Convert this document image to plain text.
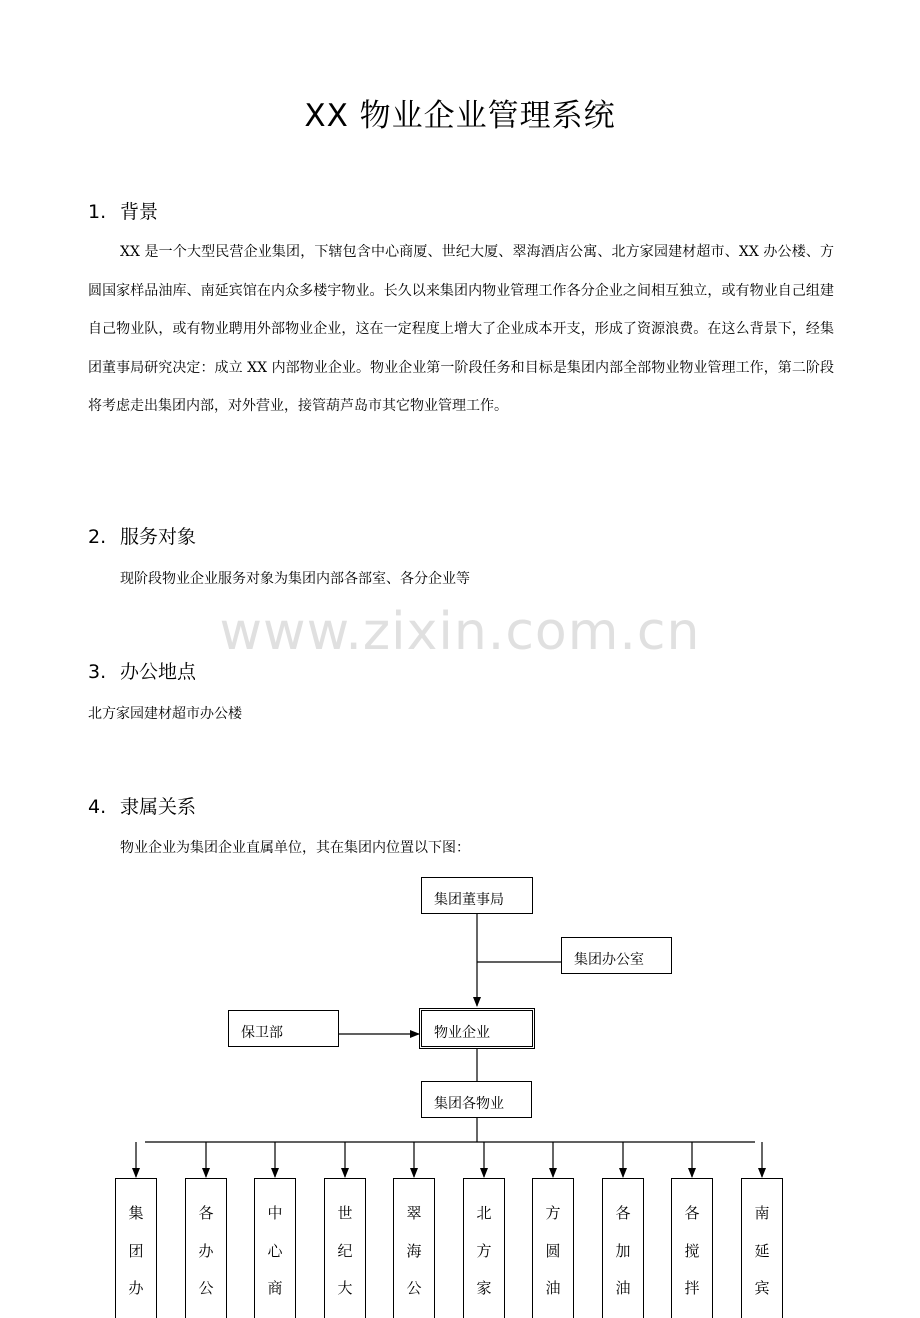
XX 物业企业管理系统
1. 背景
XX 是一个大型民营企业集团，下辖包含中心商厦、世纪大厦、翠海酒店公寓、北方家园建材超市、XX 办公楼、方圆国家样品油库、南延宾馆在内众多楼宇物业。长久以来集团内物业管理工作各分企业之间相互独立，或有物业自己组建自己物业队，或有物业聘用外部物业企业，这在一定程度上增大了企业成本开支，形成了资源浪费。在这么背景下，经集团董事局研究决定：成立 XX 内部物业企业。物业企业第一阶段任务和目标是集团内部全部物业物业管理工作，第二阶段将考虑走出集团内部，对外营业，接管葫芦岛市其它物业管理工作。
2. 服务对象
现阶段物业企业服务对象为集团内部各部室、各分企业等
www.zixin.com.cn
3. 办公地点
北方家园建材超市办公楼
4. 隶属关系
物业企业为集团企业直属单位，其在集团内位置以下图：
集团董事局
集团办公室
保卫部	物业企业
集团各物业
集
团
办
各
办
公
中
心
商
世
纪
大
翠
海
公
北
方
家
方
圆
油
各
加
油
各
搅
拌
南
延
宾
